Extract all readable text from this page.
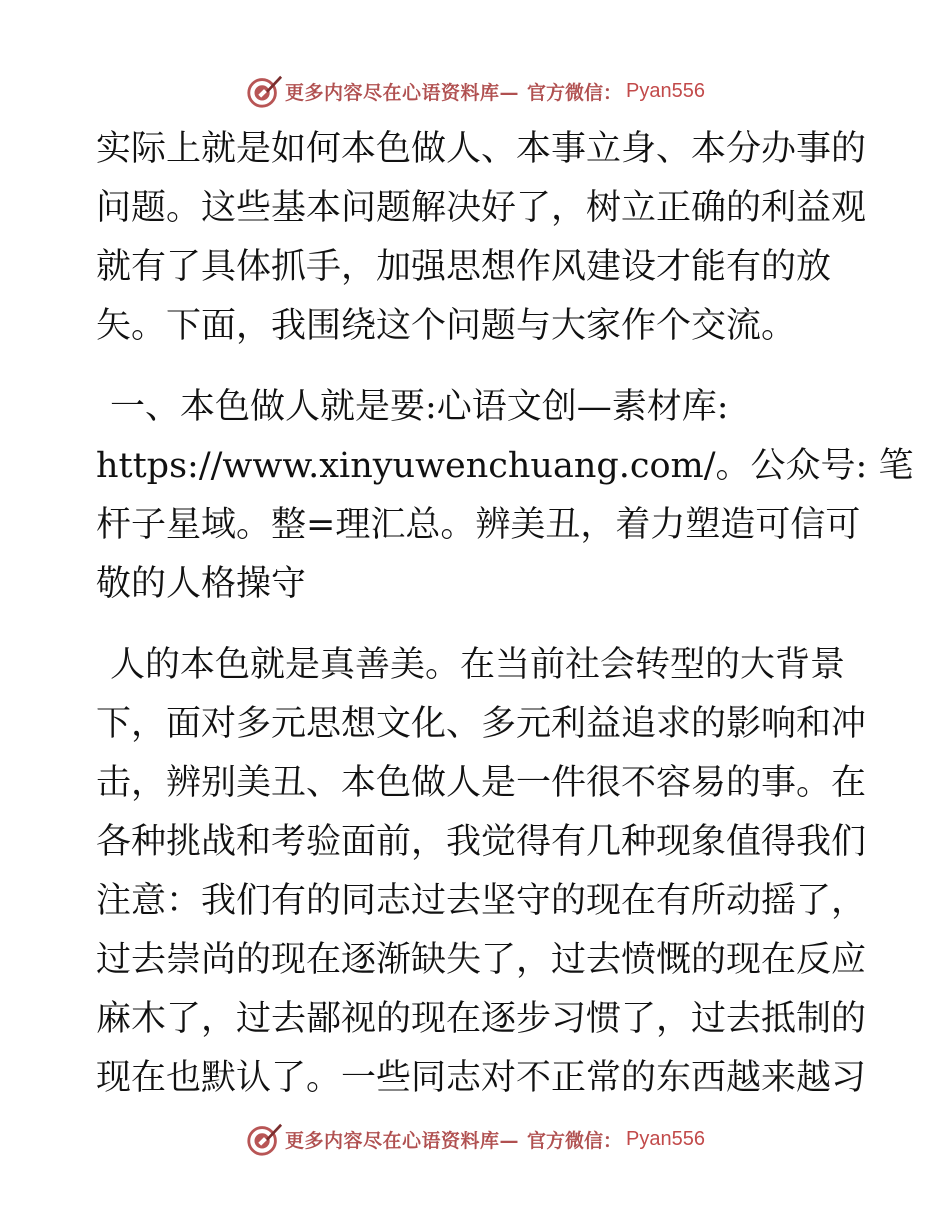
更多内容尽在心语资料库— 官方微信： Pyan556
实际上就是如何本色做人、本事立身、本分办事的
问题。这些基本问题解决好了，树立正确的利益观
就有了具体抓手，加强思想作风建设才能有的放
矢。下面，我围绕这个问题与大家作个交流。
一、本色做人就是要:心语文创—素材库:
https://www.xinyuwenchuang.com/。公众号: 笔
杆子星域。整=理汇总。辨美丑，着力塑造可信可
敬的人格操守
人的本色就是真善美。在当前社会转型的大背景
下，面对多元思想文化、多元利益追求的影响和冲
击，辨别美丑、本色做人是一件很不容易的事。在
各种挑战和考验面前，我觉得有几种现象值得我们
注意：我们有的同志过去坚守的现在有所动摇了，
过去崇尚的现在逐渐缺失了，过去愤慨的现在反应
麻木了，过去鄙视的现在逐步习惯了，过去抵制的
现在也默认了。一些同志对不正常的东西越来越习
更多内容尽在心语资料库— 官方微信： Pyan556
